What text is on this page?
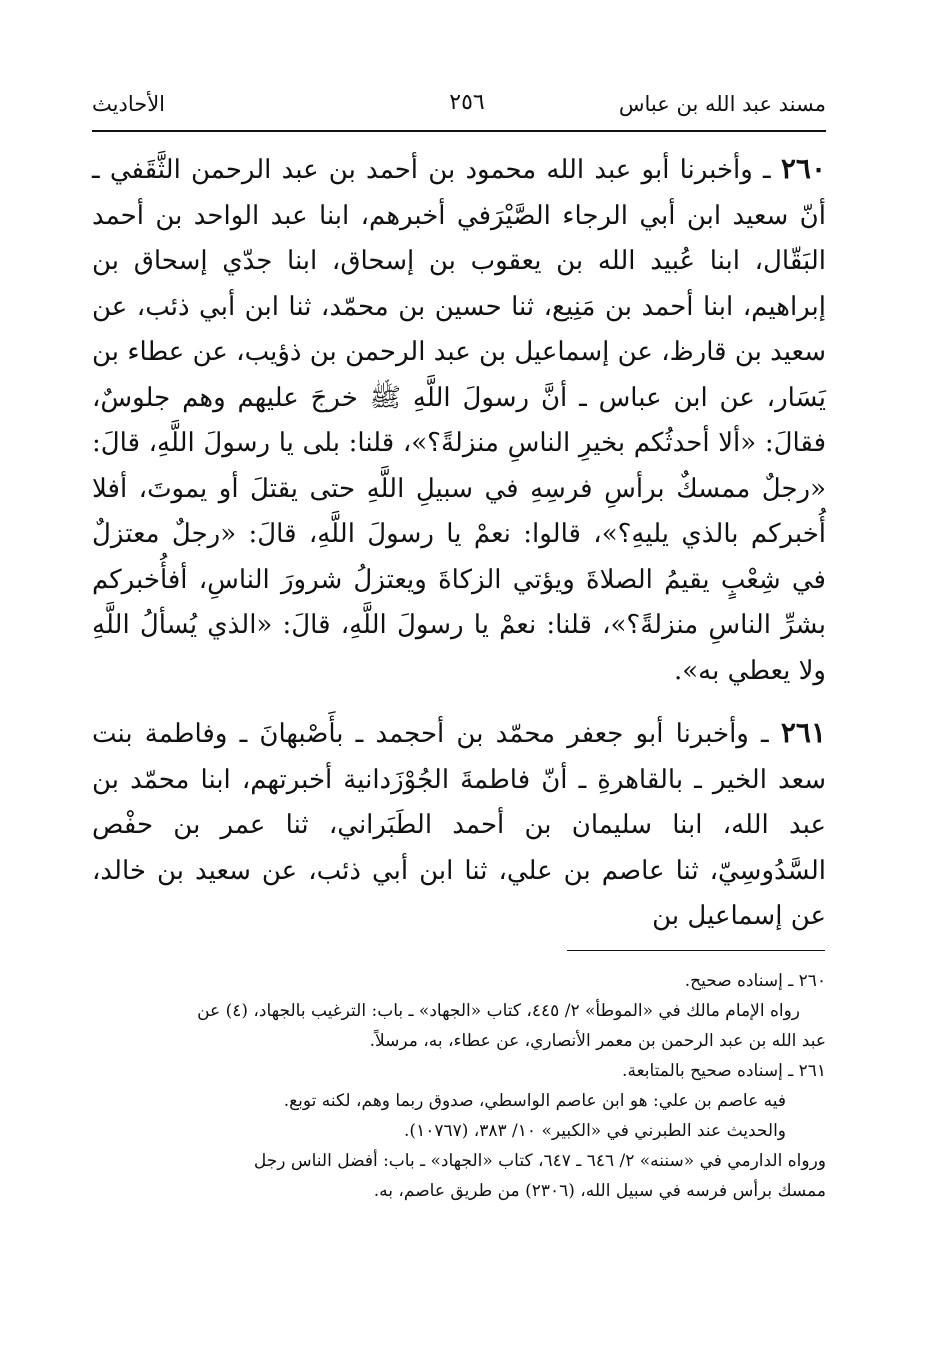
مسند عبد الله بن عباس
٢٥٦
الأحاديث

٢٦٠ ـ وأخبرنا أبو عبد الله محمود بن أحمد بن عبد الرحمن الثَّقَفي ـ أنّ سعيد ابن أبي الرجاء الصَّيْرَفي أخبرهم، ابنا عبد الواحد بن أحمد البَقّال، ابنا عُبيد الله بن يعقوب بن إسحاق، ابنا جدّي إسحاق بن إبراهيم، ابنا أحمد بن مَنِيع، ثنا حسين بن محمّد، ثنا ابن أبي ذئب، عن سعيد بن قارظ، عن إسماعيل بن عبد الرحمن بن ذؤيب، عن عطاء بن يَسَار، عن ابن عباس ـ أنَّ رسولَ اللَّهِ ﷺ خرجَ عليهم وهم جلوسٌ، فقالَ: «ألا أحدثُكم بخيرِ الناسِ منزلةً؟»، قلنا: بلى يا رسولَ اللَّهِ، قالَ: «رجلٌ ممسكٌ برأسِ فرسِهِ في سبيلِ اللَّهِ حتى يقتلَ أو يموتَ، أفلا أُخبركم بالذي يليهِ؟»، قالوا: نعمْ يا رسولَ اللَّهِ، قالَ: «رجلٌ معتزلٌ في شِعْبٍ يقيمُ الصلاةَ ويؤتي الزكاةَ ويعتزلُ شرورَ الناسِ، أفأُخبركم بشرِّ الناسِ منزلةً؟»، قلنا: نعمْ يا رسولَ اللَّهِ، قالَ: «الذي يُسألُ اللَّهِ ولا يعطي به».

٢٦١ ـ وأخبرنا أبو جعفر محمّد بن أحجمد ـ بأَصْبهانَ ـ وفاطمة بنت سعد الخير ـ بالقاهرةِ ـ أنّ فاطمةَ الجُوْزَدانية أخبرتهم، ابنا محمّد بن عبد الله، ابنا سليمان بن أحمد الطَبَراني، ثنا عمر بن حفْص السَّدُوسِيّ، ثنا عاصم بن علي، ثنا ابن أبي ذئب، عن سعيد بن خالد، عن إسماعيل بن

٢٦٠ ـ إسناده صحيح.

رواه الإمام مالك في «الموطأ» ٢/ ٤٤٥، كتاب «الجهاد» ـ باب: الترغيب بالجهاد، (٤) عن

عبد الله بن عبد الرحمن بن معمر الأنصاري، عن عطاء، به، مرسلاً.

٢٦١ ـ إسناده صحيح بالمتابعة.

فيه عاصم بن علي: هو ابن عاصم الواسطي، صدوق ربما وهم، لكنه توبع.

والحديث عند الطبرني في «الكبير» ١٠/ ٣٨٣، (١٠٧٦٧).

ورواه الدارمي في «سننه» ٢/ ٦٤٦ ـ ٦٤٧، كتاب «الجهاد» ـ باب: أفضل الناس رجل

ممسك برأس فرسه في سبيل الله، (٢٣٠٦) من طريق عاصم، به.
